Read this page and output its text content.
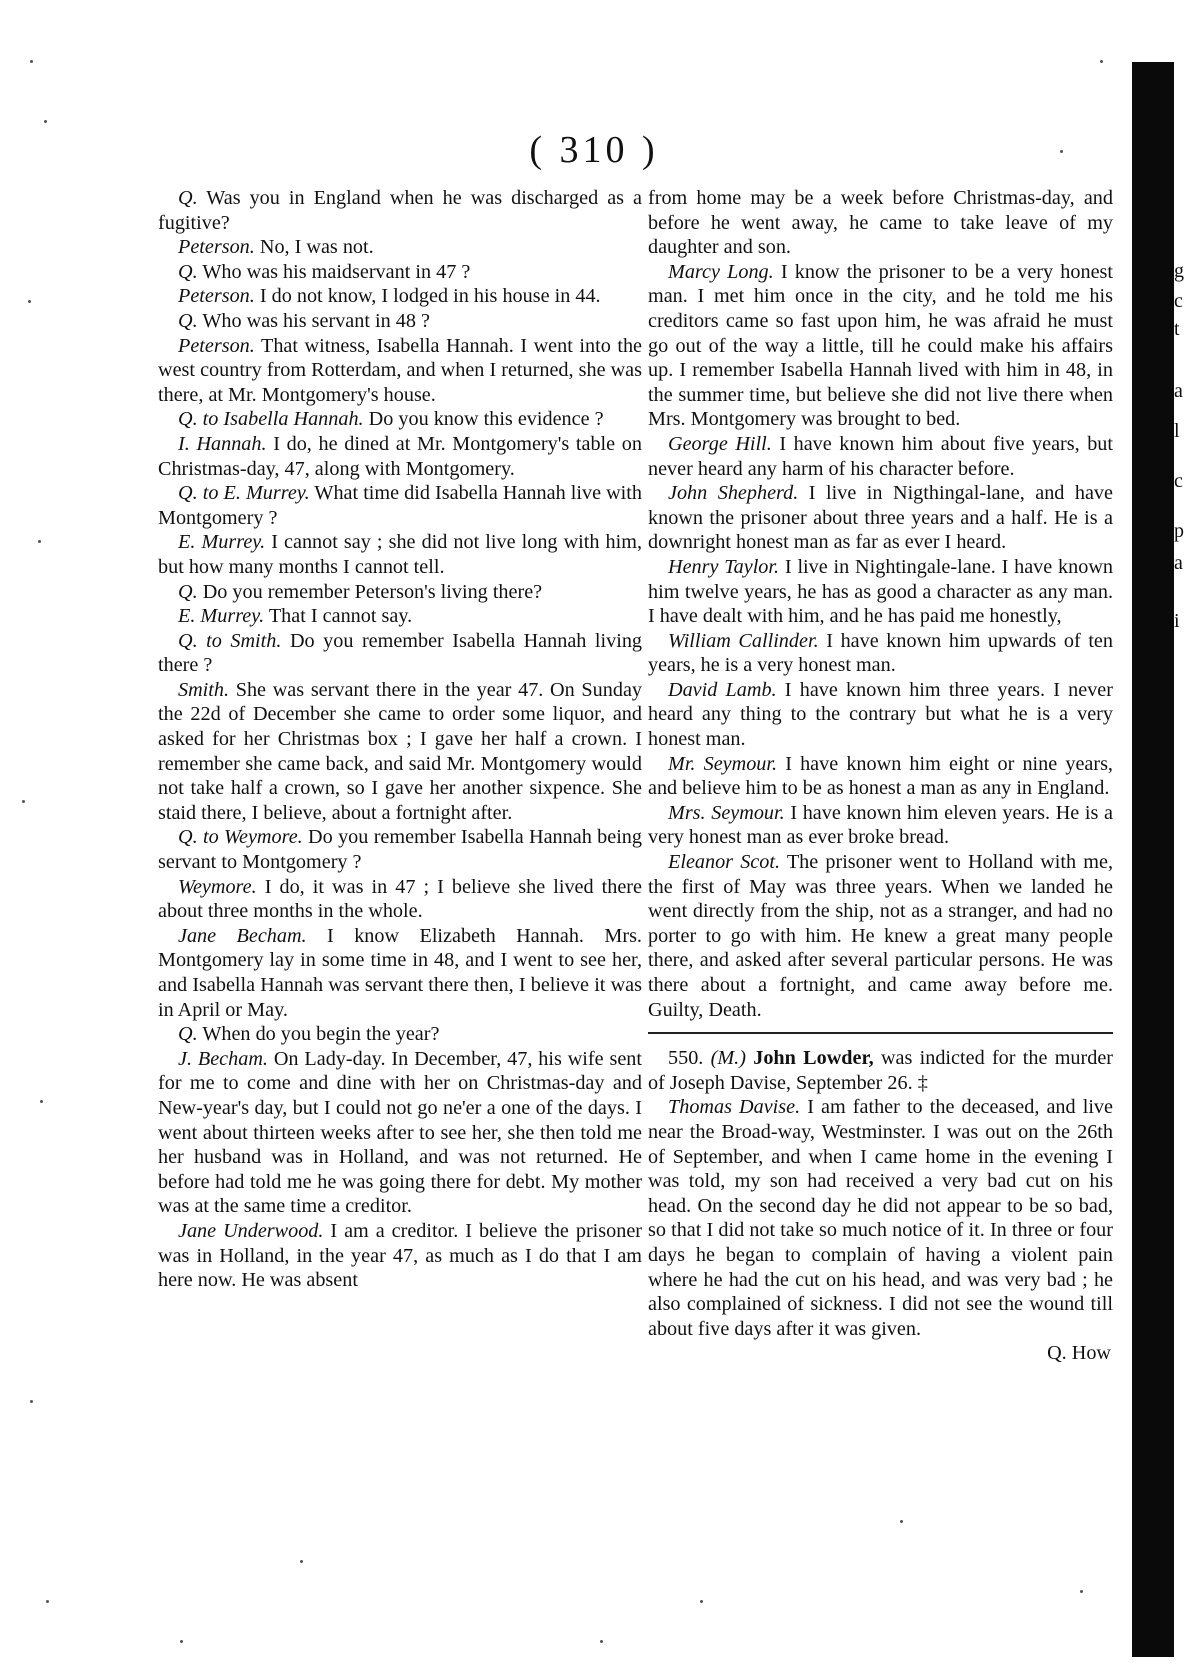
( 310 )

Q. Was you in England when he was discharged as a fugitive?

Peterson. No, I was not.

Q. Who was his maidservant in 47 ?

Peterson. I do not know, I lodged in his house in 44.

Q. Who was his servant in 48 ?

Peterson. That witness, Isabella Hannah. I went into the west country from Rotterdam, and when I returned, she was there, at Mr. Montgomery's house.

Q. to Isabella Hannah. Do you know this evidence ?

I. Hannah. I do, he dined at Mr. Montgomery's table on Christmas-day, 47, along with Montgomery.

Q. to E. Murrey. What time did Isabella Hannah live with Montgomery ?

E. Murrey. I cannot say ; she did not live long with him, but how many months I cannot tell.

Q. Do you remember Peterson's living there?

E. Murrey. That I cannot say.

Q. to Smith. Do you remember Isabella Hannah living there ?

Smith. She was servant there in the year 47. On Sunday the 22d of December she came to order some liquor, and asked for her Christmas box ; I gave her half a crown. I remember she came back, and said Mr. Montgomery would not take half a crown, so I gave her another sixpence. She staid there, I believe, about a fortnight after.

Q. to Weymore. Do you remember Isabella Hannah being servant to Montgomery ?

Weymore. I do, it was in 47 ; I believe she lived there about three months in the whole.

Jane Becham. I know Elizabeth Hannah. Mrs. Montgomery lay in some time in 48, and I went to see her, and Isabella Hannah was servant there then, I believe it was in April or May.

Q. When do you begin the year?

J. Becham. On Lady-day. In December, 47, his wife sent for me to come and dine with her on Christmas-day and New-year's day, but I could not go ne'er a one of the days. I went about thirteen weeks after to see her, she then told me her husband was in Holland, and was not returned. He before had told me he was going there for debt. My mother was at the same time a creditor.

Jane Underwood. I am a creditor. I believe the prisoner was in Holland, in the year 47, as much as I do that I am here now. He was absent

from home may be a week before Christmas-day, and before he went away, he came to take leave of my daughter and son.

Marcy Long. I know the prisoner to be a very honest man. I met him once in the city, and he told me his creditors came so fast upon him, he was afraid he must go out of the way a little, till he could make his affairs up. I remember Isabella Hannah lived with him in 48, in the summer time, but believe she did not live there when Mrs. Montgomery was brought to bed.

George Hill. I have known him about five years, but never heard any harm of his character before.

John Shepherd. I live in Nigthingal-lane, and have known the prisoner about three years and a half. He is a downright honest man as far as ever I heard.

Henry Taylor. I live in Nightingale-lane. I have known him twelve years, he has as good a character as any man. I have dealt with him, and he has paid me honestly,

William Callinder. I have known him upwards of ten years, he is a very honest man.

David Lamb. I have known him three years. I never heard any thing to the contrary but what he is a very honest man.

Mr. Seymour. I have known him eight or nine years, and believe him to be as honest a man as any in England.

Mrs. Seymour. I have known him eleven years. He is a very honest man as ever broke bread.

Eleanor Scot. The prisoner went to Holland with me, the first of May was three years. When we landed he went directly from the ship, not as a stranger, and had no porter to go with him. He knew a great many people there, and asked after several particular persons. He was there about a fortnight, and came away before me. Guilty, Death.

550. (M.) John Lowder, was indicted for the murder of Joseph Davise, September 26. ‡

Thomas Davise. I am father to the deceased, and live near the Broad-way, Westminster. I was out on the 26th of September, and when I came home in the evening I was told, my son had received a very bad cut on his head. On the second day he did not appear to be so bad, so that I did not take so much notice of it. In three or four days he began to complain of having a violent pain where he had the cut on his head, and was very bad ; he also complained of sickness. I did not see the wound till about five days after it was given.

Q. How

g
c
t
a
l
c
p
a
i
